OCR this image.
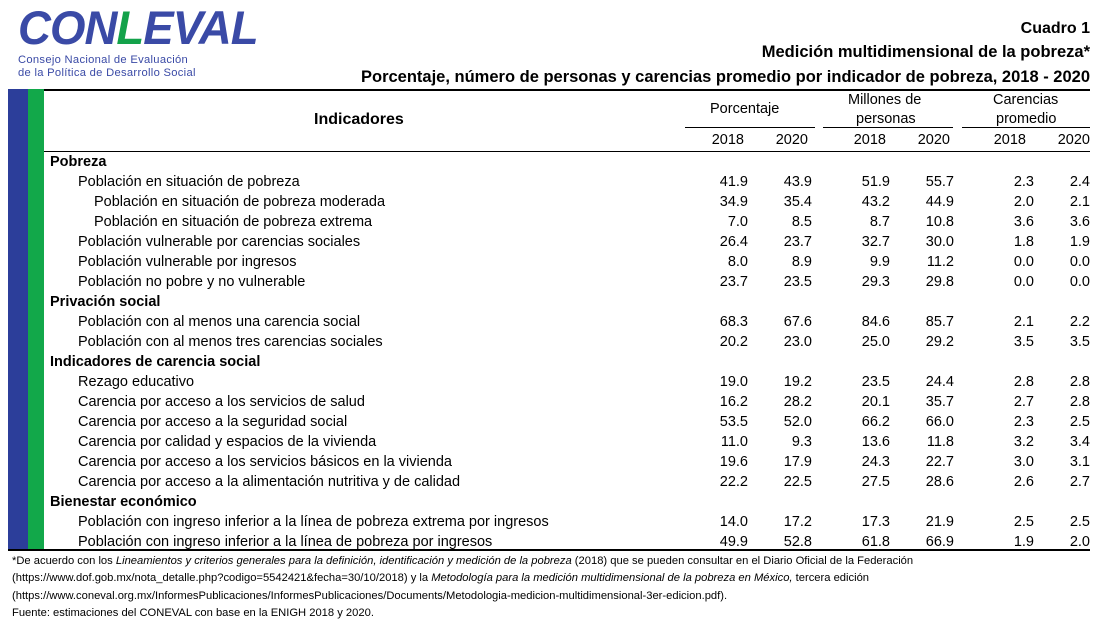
CONLEVAL
Consejo Nacional de Evaluación
de la Política de Desarrollo Social
Cuadro 1
Medición multidimensional de la pobreza*
Porcentaje, número de personas y carencias promedio por indicador de pobreza, 2018 - 2020
Indicadores
Porcentaje
Millones de
personas
Carencias
promedio
2018	2020	2018	2020	2018	2020
Pobreza
Población en situación de pobreza	41.9	43.9	51.9	55.7	2.3	2.4
Población en situación de pobreza moderada	34.9	35.4	43.2	44.9	2.0	2.1
Población en situación de pobreza extrema	7.0	8.5	8.7	10.8	3.6	3.6
Población vulnerable por carencias sociales	26.4	23.7	32.7	30.0	1.8	1.9
Población vulnerable por ingresos	8.0	8.9	9.9	11.2	0.0	0.0
Población no pobre y no vulnerable	23.7	23.5	29.3	29.8	0.0	0.0
Privación social
Población con al menos una carencia social	68.3	67.6	84.6	85.7	2.1	2.2
Población con al menos tres carencias sociales	20.2	23.0	25.0	29.2	3.5	3.5
Indicadores de carencia social
Rezago educativo	19.0	19.2	23.5	24.4	2.8	2.8
Carencia por acceso a los servicios de salud	16.2	28.2	20.1	35.7	2.7	2.8
Carencia por acceso a la seguridad social	53.5	52.0	66.2	66.0	2.3	2.5
Carencia por calidad y espacios de la vivienda	11.0	9.3	13.6	11.8	3.2	3.4
Carencia por acceso a los servicios básicos en la vivienda	19.6	17.9	24.3	22.7	3.0	3.1
Carencia por acceso a la alimentación nutritiva y de calidad	22.2	22.5	27.5	28.6	2.6	2.7
Bienestar económico
Población con ingreso inferior a la línea de pobreza extrema por ingresos	14.0	17.2	17.3	21.9	2.5	2.5
Población con ingreso inferior a la línea de pobreza por ingresos	49.9	52.8	61.8	66.9	1.9	2.0
*De acuerdo con los Lineamientos y criterios generales para la definición, identificación y medición de la pobreza (2018) que se pueden consultar en el Diario Oficial de la Federación
(https://www.dof.gob.mx/nota_detalle.php?codigo=5542421&fecha=30/10/2018) y la Metodología para la medición multidimensional de la pobreza en México, tercera edición
(https://www.coneval.org.mx/InformesPublicaciones/InformesPublicaciones/Documents/Metodologia-medicion-multidimensional-3er-edicion.pdf).
Fuente: estimaciones del CONEVAL con base en la ENIGH 2018 y 2020.
